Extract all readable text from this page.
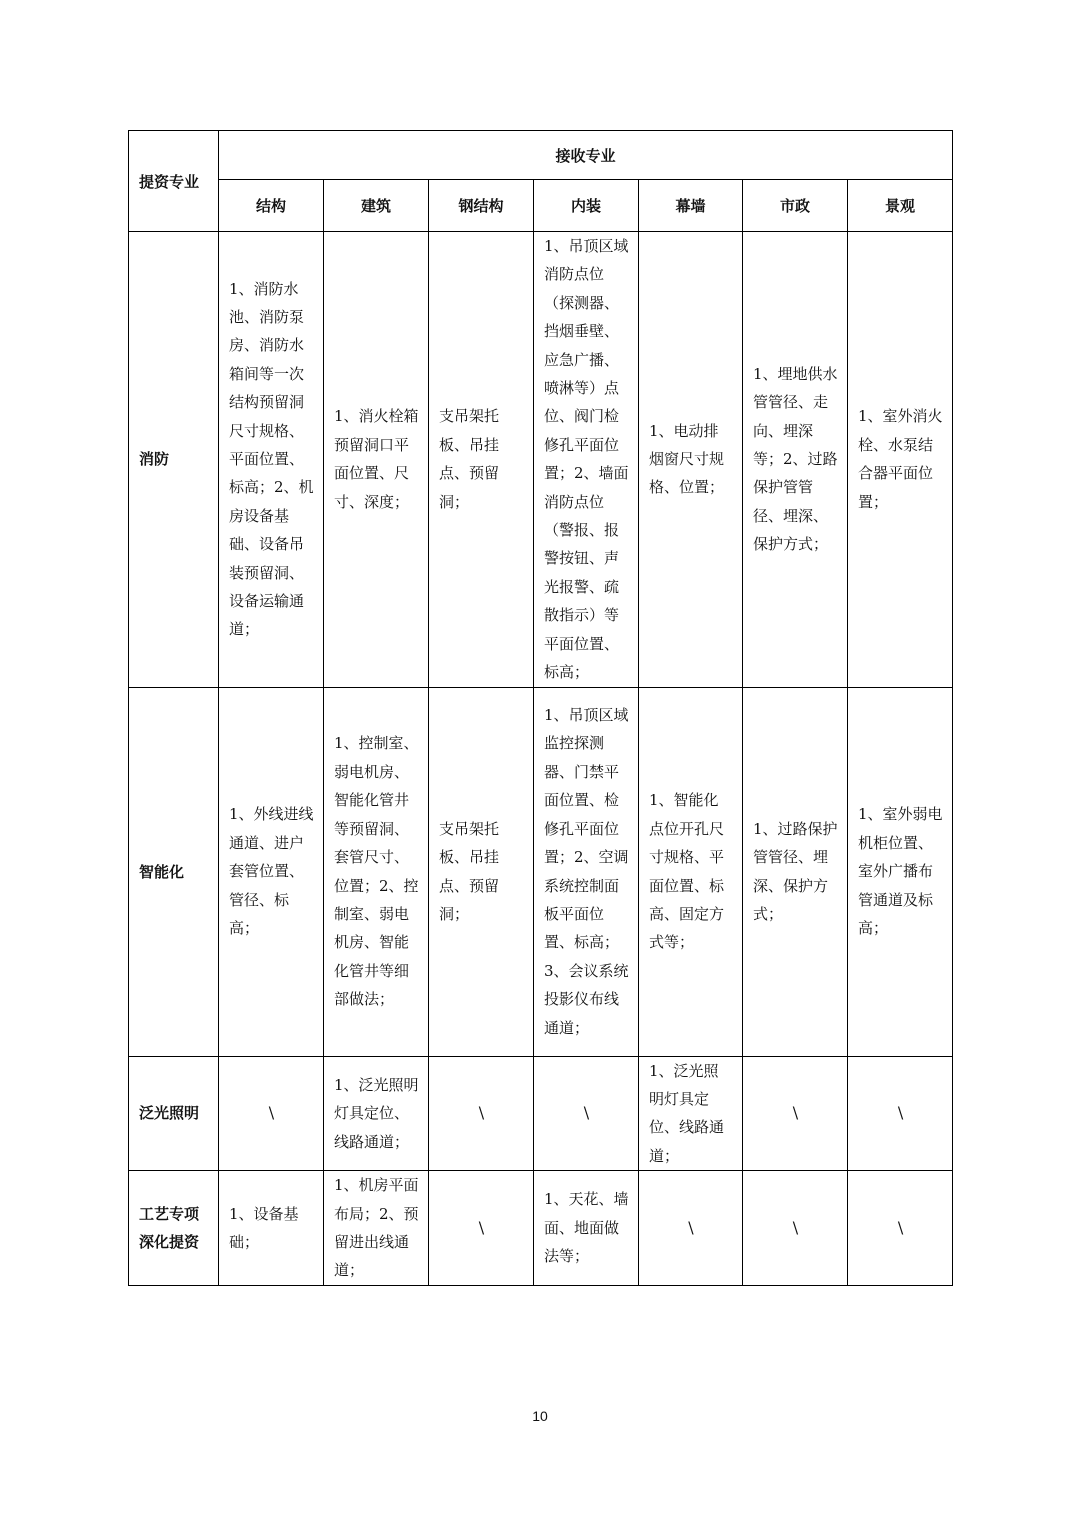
提资专业	接收专业						
	结构	建筑	钢结构	内装	幕墙	市政	景观
消防	1、消防水池、消防泵房、消防水箱间等一次结构预留洞尺寸规格、平面位置、标高；2、机房设备基础、设备吊装预留洞、设备运输通道；	1、消火栓箱预留洞口平面位置、尺寸、深度；	支吊架托板、吊挂点、预留洞；	1、吊顶区域消防点位（探测器、挡烟垂壁、应急广播、喷淋等）点位、阀门检修孔平面位置；2、墙面消防点位（警报、报警按钮、声光报警、疏散指示）等平面位置、标高；	1、电动排烟窗尺寸规格、位置；	1、埋地供水管管径、走向、埋深等；2、过路保护管管径、埋深、保护方式；	1、室外消火栓、水泵结合器平面位置；
智能化	1、外线进线通道、进户套管位置、管径、标高；	1、控制室、弱电机房、智能化管井等预留洞、套管尺寸、位置；2、控制室、弱电机房、智能化管井等细部做法；	支吊架托板、吊挂点、预留洞；	1、吊顶区域监控探测器、门禁平面位置、检修孔平面位置；2、空调系统控制面板平面位置、标高；3、会议系统投影仪布线通道；	1、智能化点位开孔尺寸规格、平面位置、标高、固定方式等；	1、过路保护管管径、埋深、保护方式；	1、室外弱电机柜位置、室外广播布管通道及标高；
泛光照明	\	1、泛光照明灯具定位、线路通道；	\	\	1、泛光照明灯具定位、线路通道；	\	\

工艺专项
深化提资	1、设备基础；	1、机房平面布局；2、预留进出线通道；	\	1、天花、墙面、地面做法等；	\	\	\
10
